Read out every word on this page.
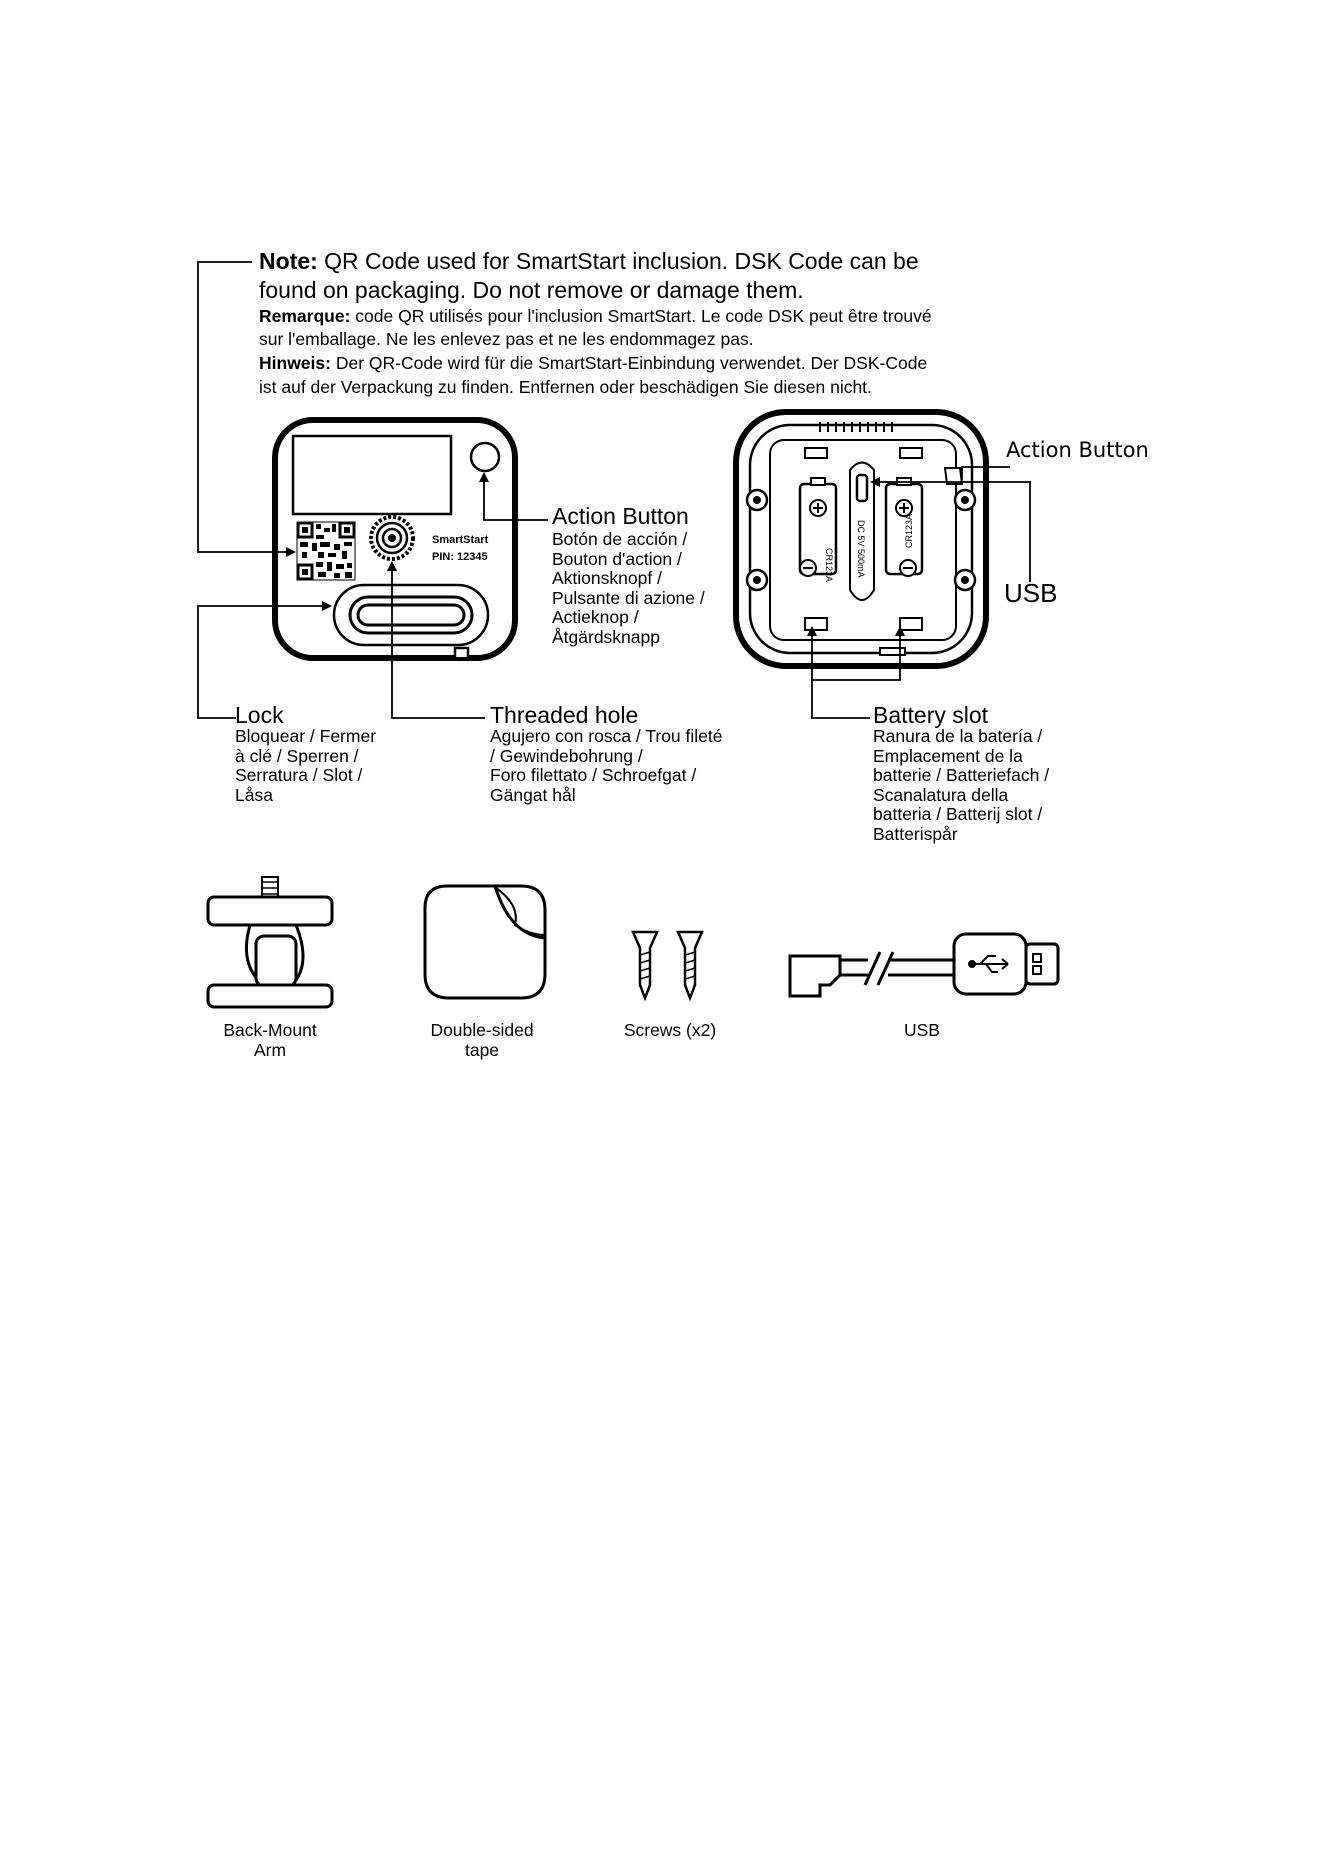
Note: QR Code used for SmartStart inclusion. DSK Code can be
found on packaging. Do not remove or damage them.
Remarque: code QR utilisés pour l'inclusion SmartStart. Le code DSK peut être trouvé
sur l'emballage. Ne les enlevez pas et ne les endommagez pas.
Hinweis: Der QR-Code wird für die SmartStart-Einbindung verwendet. Der DSK-Code
ist auf der Verpackung zu finden. Entfernen oder beschädigen Sie diesen nicht.
CR123A
CR123A
DC 5V 500mA
SmartStart
PIN: 12345
Action Button
Botón de acción /
Bouton d'action /
Aktionsknopf /
Pulsante di azione /
Actieknop /
Åtgärdsknapp
Action Button
USB
Lock
Bloquear / Fermer
à clé / Sperren /
Serratura / Slot /
Låsa
Threaded hole
Agujero con rosca / Trou fileté
/ Gewindebohrung /
Foro filettato / Schroefgat /
Gängat hål
Battery slot
Ranura de la batería /
Emplacement de la
batterie / Batteriefach /
Scanalatura della
batteria / Batterij slot /
Batterispår
Back-Mount
Arm
Double-sided
tape
Screws (x2)	USB
